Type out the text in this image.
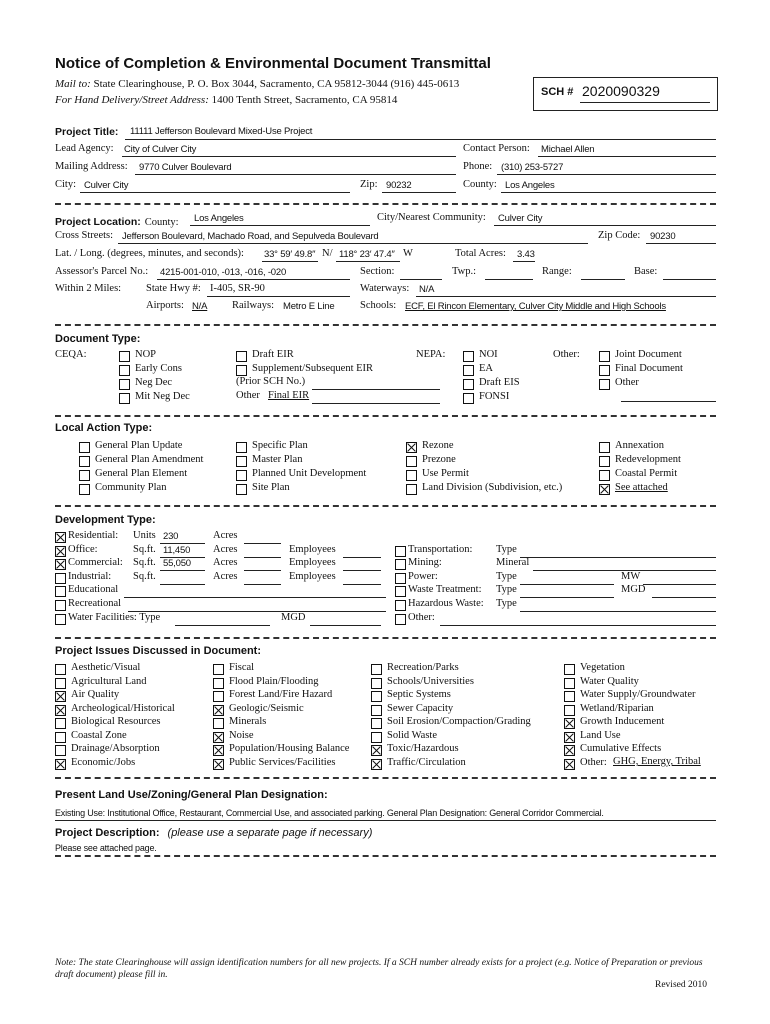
Notice of Completion & Environmental Document Transmittal
Mail to: State Clearinghouse, P. O. Box 3044, Sacramento, CA 95812-3044 (916) 445-0613
For Hand Delivery/Street Address: 1400 Tenth Street, Sacramento, CA 95814
SCH # 2020090329
Project Title: 11111 Jefferson Boulevard Mixed-Use Project
Lead Agency: City of Culver City	Contact Person: Michael Allen
Mailing Address: 9770 Culver Boulevard	Phone: (310) 253-5727
City: Culver City	Zip: 90232	County: Los Angeles
Project Location: County: Los Angeles	City/Nearest Community: Culver City
Cross Streets: Jefferson Boulevard, Machado Road, and Sepulveda Boulevard	Zip Code: 90230
Lat. / Long. (degrees, minutes, and seconds): 33° 59′ 49.8″ N/ 118° 23′ 47.4″ W	Total Acres: 3.43
Assessor's Parcel No.: 4215-001-010, -013, -016, -020	Section:	Twp.:	Range:	Base:
Within 2 Miles: State Hwy #: I-405, SR-90	Waterways: N/A
Airports: N/A Railways: Metro E Line Schools: ECF, El Rincon Elementary, Culver City Middle and High Schools
Document Type:
CEQA:	NOP
Early Cons
Neg Dec
Mit Neg Dec
Draft EIR
Supplement/Subsequent EIR
(Prior SCH No.)
Other Final EIR
NEPA:	NOI
EA
Draft EIS
FONSI
Other:	Joint Document
Final Document
Other
Local Action Type:
General Plan Update
General Plan Amendment
General Plan Element
Community Plan
Specific Plan
Master Plan
Planned Unit Development
Site Plan
Rezone
Prezone
Use Permit
Land Division (Subdivision, etc.)
Annexation
Redevelopment
Coastal Permit
See attached
Development Type:
Residential: Units 230	Acres
Office:	Sq.ft. 11,450 Acres	Employees
Commercial: Sq.ft. 55,050 Acres	Employees
Industrial: Sq.ft.	Acres	Employees
Educational
Recreational
Water Facilities: Type	MGD
Transportation: Type
Mining:	Mineral
Power:	Type	MW
Waste Treatment: Type	MGD
Hazardous Waste: Type
Other:
Project Issues Discussed in Document:
Aesthetic/Visual
Agricultural Land
Air Quality
Archeological/Historical
Biological Resources
Coastal Zone
Drainage/Absorption
Economic/Jobs
Fiscal
Flood Plain/Flooding
Forest Land/Fire Hazard
Geologic/Seismic
Minerals
Noise
Population/Housing Balance
Public Services/Facilities
Recreation/Parks
Schools/Universities
Septic Systems
Sewer Capacity
Soil Erosion/Compaction/Grading
Solid Waste
Toxic/Hazardous
Traffic/Circulation
Vegetation
Water Quality
Water Supply/Groundwater
Wetland/Riparian
Growth Inducement
Land Use
Cumulative Effects
Other: GHG, Energy, Tribal
Present Land Use/Zoning/General Plan Designation:
Existing Use: Institutional Office, Restaurant, Commercial Use, and associated parking. General Plan Designation: General Corridor Commercial.
Project Description: (please use a separate page if necessary)
Please see attached page.
Note: The state Clearinghouse will assign identification numbers for all new projects. If a SCH number already exists for a project (e.g. Notice of Preparation or previous draft document) please fill in.
Revised 2010
